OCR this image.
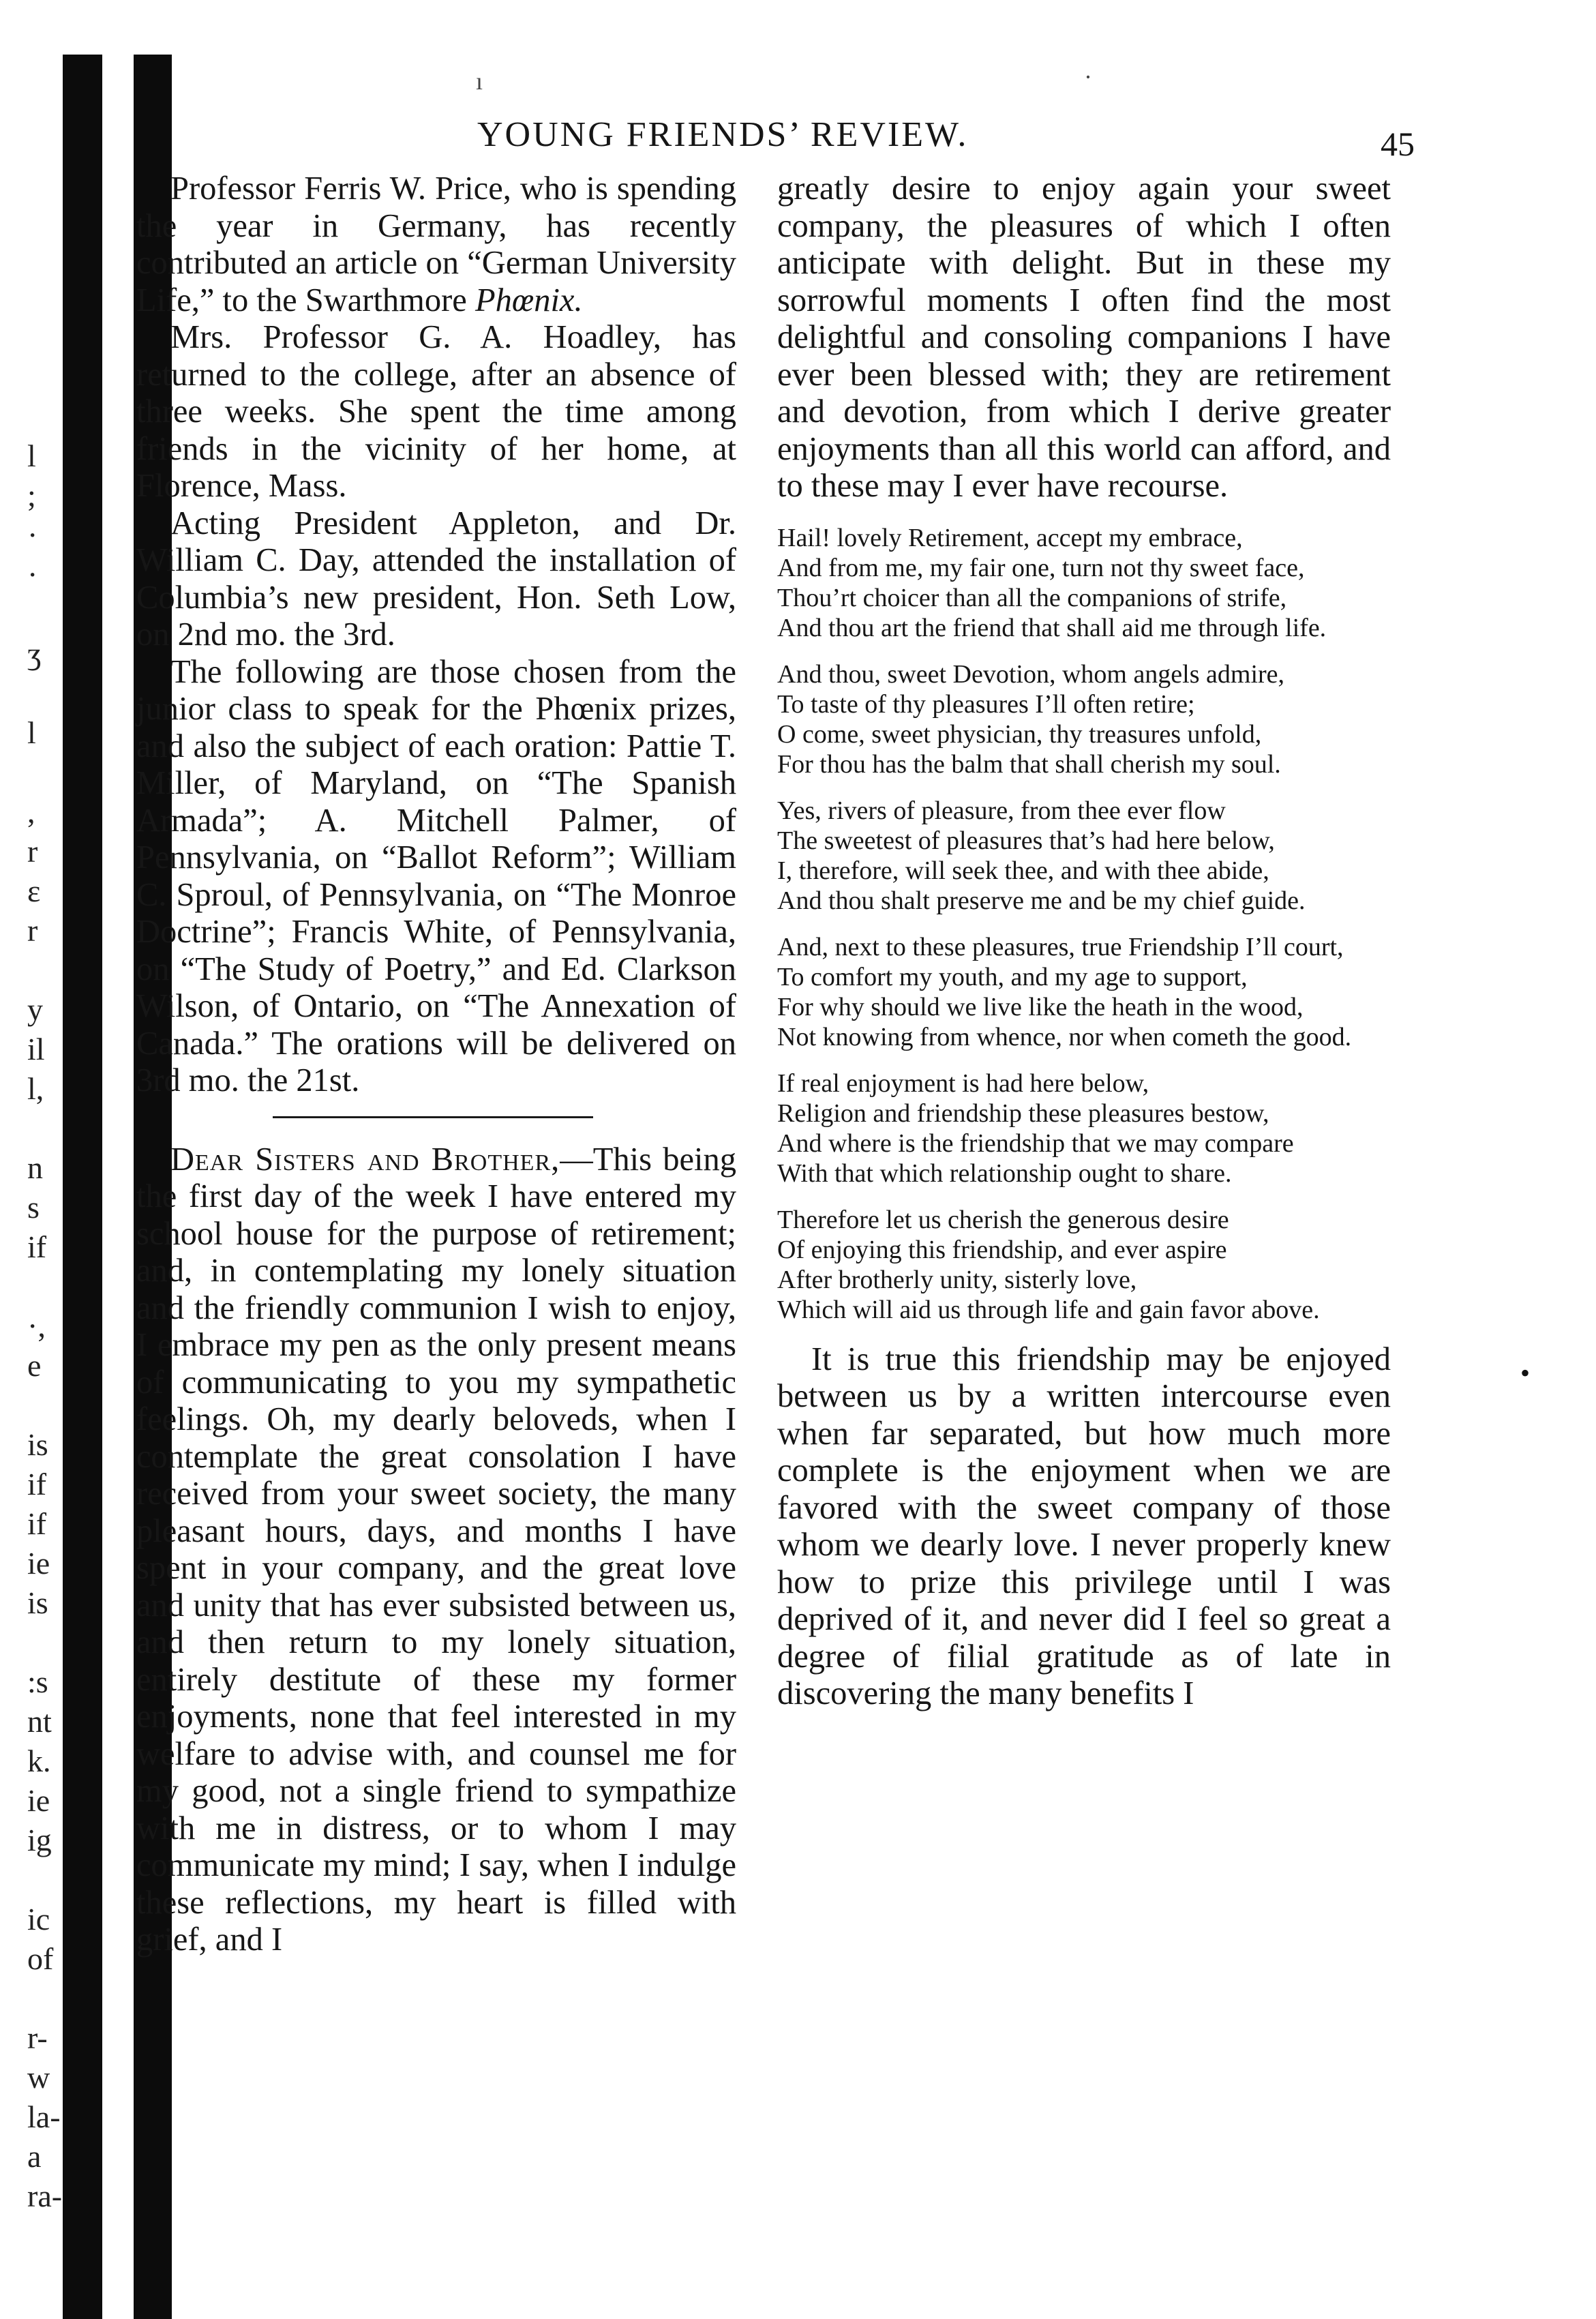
l
;
·
·
ʒ
l
,
r
ɛ
r
y
il
l,
n
s
if
·,
e
is
if
if
ie
is
:s
nt
k.
ie
ig
ic
of
r-
w
la-
a
ra-
ı	·
•
YOUNG FRIENDS’ REVIEW.	45

Professor Ferris W. Price, who is spending the year in Germany, has recently contributed an article on “German University Life,” to the Swarthmore Phœnix.

Mrs. Professor G. A. Hoadley, has returned to the college, after an absence of three weeks. She spent the time among friends in the vicinity of her home, at Florence, Mass.

Acting President Appleton, and Dr. William C. Day, attended the installation of Columbia’s new president, Hon. Seth Low, on 2nd mo. the 3rd.

The following are those chosen from the junior class to speak for the Phœnix prizes, and also the subject of each oration: Pattie T. Miller, of Maryland, on “The Spanish Armada”; A. Mitchell Palmer, of Pennsylvania, on “Ballot Reform”; William C. Sproul, of Pennsylvania, on “The Monroe Doctrine”; Francis White, of Pennsylvania, on “The Study of Poetry,” and Ed. Clarkson Wilson, of Ontario, on “The Annexation of Canada.” The orations will be delivered on 3rd mo. the 21st.

Dear Sisters and Brother,—This being the first day of the week I have entered my school house for the purpose of retirement; and, in contemplating my lonely situation and the friendly communion I wish to enjoy, I embrace my pen as the only present means of communicating to you my sympathetic feelings. Oh, my dearly beloveds, when I contemplate the great consolation I have received from your sweet society, the many pleasant hours, days, and months I have spent in your company, and the great love and unity that has ever subsisted between us, and then return to my lonely situation, entirely destitute of these my former enjoyments, none that feel interested in my welfare to advise with, and counsel me for my good, not a single friend to sympathize with me in distress, or to whom I may communicate my mind; I say, when I indulge these reflections, my heart is filled with grief, and I

greatly desire to enjoy again your sweet company, the pleasures of which I often anticipate with delight. But in these my sorrowful moments I often find the most delightful and consoling companions I have ever been blessed with; they are retirement and devotion, from which I derive greater enjoyments than all this world can afford, and to these may I ever have recourse.

Hail! lovely Retirement, accept my embrace,
And from me, my fair one, turn not thy sweet face,
Thou’rt choicer than all the companions of strife,
And thou art the friend that shall aid me through life.
And thou, sweet Devotion, whom angels admire,
To taste of thy pleasures I’ll often retire;
O come, sweet physician, thy treasures unfold,
For thou has the balm that shall cherish my soul.
Yes, rivers of pleasure, from thee ever flow
The sweetest of pleasures that’s had here below,
I, therefore, will seek thee, and with thee abide,
And thou shalt preserve me and be my chief guide.
And, next to these pleasures, true Friendship I’ll court,
To comfort my youth, and my age to support,
For why should we live like the heath in the wood,
Not knowing from whence, nor when cometh the good.
If real enjoyment is had here below,
Religion and friendship these pleasures bestow,
And where is the friendship that we may compare
With that which relationship ought to share.
Therefore let us cherish the generous desire
Of enjoying this friendship, and ever aspire
After brotherly unity, sisterly love,
Which will aid us through life and gain favor above.

It is true this friendship may be enjoyed between us by a written intercourse even when far separated, but how much more complete is the enjoyment when we are favored with the sweet company of those whom we dearly love. I never properly knew how to prize this privilege until I was deprived of it, and never did I feel so great a degree of filial gratitude as of late in discovering the many benefits I
